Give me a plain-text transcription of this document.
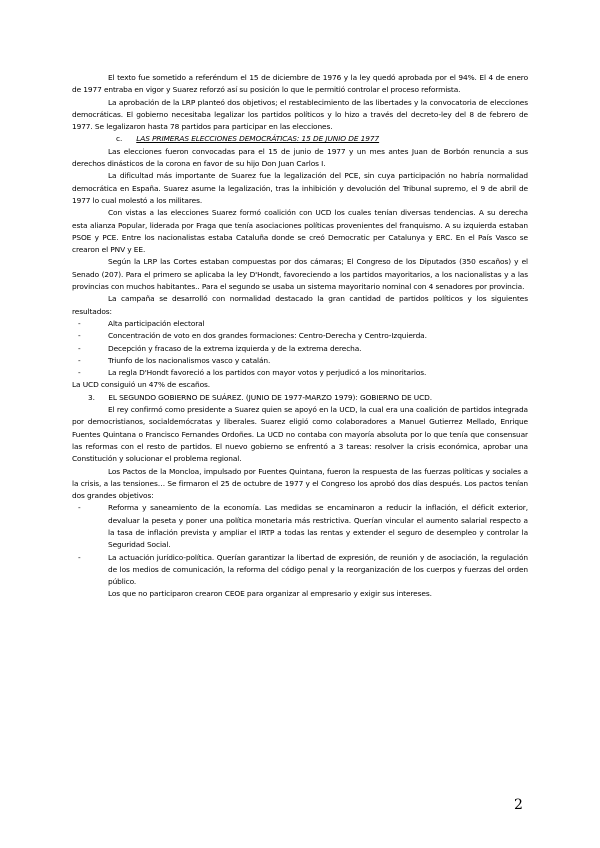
El texto fue sometido a referéndum el 15 de diciembre de 1976 y la ley quedó aprobada por el 94%. El 4 de enero de 1977 entraba en vigor y Suarez reforzó así su posición lo que le permitió controlar el proceso reformista.

La aprobación de la LRP planteó dos objetivos; el restablecimiento de las libertades y la convocatoria de elecciones democráticas. El gobierno necesitaba legalizar los partidos políticos y lo hizo a través del decreto-ley del 8 de febrero de 1977. Se legalizaron hasta 78 partidos para participar en las elecciones.

c. LAS PRIMERAS ELECCIONES DEMOCRÁTICAS: 15 DE JUNIO DE 1977

Las elecciones fueron convocadas para el 15 de junio de 1977 y un mes antes Juan de Borbón renuncia a sus derechos dinásticos de la corona en favor de su hijo Don Juan Carlos I.

La dificultad más importante de Suarez fue la legalización del PCE, sin cuya participación no habría normalidad democrática en España. Suarez asume la legalización, tras la inhibición y devolución del Tribunal supremo, el 9 de abril de 1977 lo cual molestó a los militares.

Con vistas a las elecciones Suarez formó coalición con UCD los cuales tenían diversas tendencias. A su derecha esta alianza Popular, liderada por Fraga que tenía asociaciones políticas provenientes del franquismo. A su izquierda estaban PSOE y PCE. Entre los nacionalistas estaba Cataluña donde se creó Democratic per Catalunya y ERC. En el País Vasco se crearon el PNV y EE.

Según la LRP las Cortes estaban compuestas por dos cámaras; El Congreso de los Diputados (350 escaños) y el Senado (207). Para el primero se aplicaba la ley D'Hondt, favoreciendo a los partidos mayoritarios, a los nacionalistas y a las provincias con muchos habitantes.. Para el segundo se usaba un sistema mayoritario nominal con 4 senadores por provincia.

La campaña se desarrolló con normalidad destacado la gran cantidad de partidos políticos y los siguientes resultados:

-	Alta participación electoral
-	Concentración de voto en dos grandes formaciones: Centro-Derecha y Centro-Izquierda.
-	Decepción y fracaso de la extrema izquierda y de la extrema derecha.
-	Triunfo de los nacionalismos vasco y catalán.
-	La regla D'Hondt favoreció a los partidos con mayor votos y perjudicó a los minoritarios.

La UCD consiguió un 47% de escaños.

3. EL SEGUNDO GOBIERNO DE SUÁREZ. (JUNIO DE 1977-MARZO 1979): GOBIERNO DE UCD.

El rey confirmó como presidente a Suarez quien se apoyó en la UCD, la cual era una coalición de partidos integrada por democristianos, socialdemócratas y liberales. Suarez eligió como colaboradores a Manuel Gutierrez Mellado, Enrique Fuentes Quintana o Francisco Fernandes Ordoñes. La UCD no contaba con mayoría absoluta por lo que tenía que consensuar las reformas con el resto de partidos. El nuevo gobierno se enfrentó a 3 tareas: resolver la crisis económica, aprobar una Constitución y solucionar el problema regional.

Los Pactos de la Moncloa, impulsado por Fuentes Quintana, fueron la respuesta de las fuerzas políticas y sociales a la crisis, a las tensiones… Se firmaron el 25 de octubre de 1977 y el Congreso los aprobó dos días después. Los pactos tenían dos grandes objetivos:

-	Reforma y saneamiento de la economía. Las medidas se encaminaron a reducir la inflación, el déficit exterior, devaluar la peseta y poner una política monetaria más restrictiva. Querían vincular el aumento salarial respecto a la tasa de inflación prevista y ampliar el IRTP a todas las rentas y extender el seguro de desempleo y controlar la Seguridad Social.
-	La actuación jurídico-política. Querían garantizar la libertad de expresión, de reunión y de asociación, la regulación de los medios de comunicación, la reforma del código penal y la reorganización de los cuerpos y fuerzas del orden público.

Los que no participaron crearon CEOE para organizar al empresario y exigir sus intereses.

2
